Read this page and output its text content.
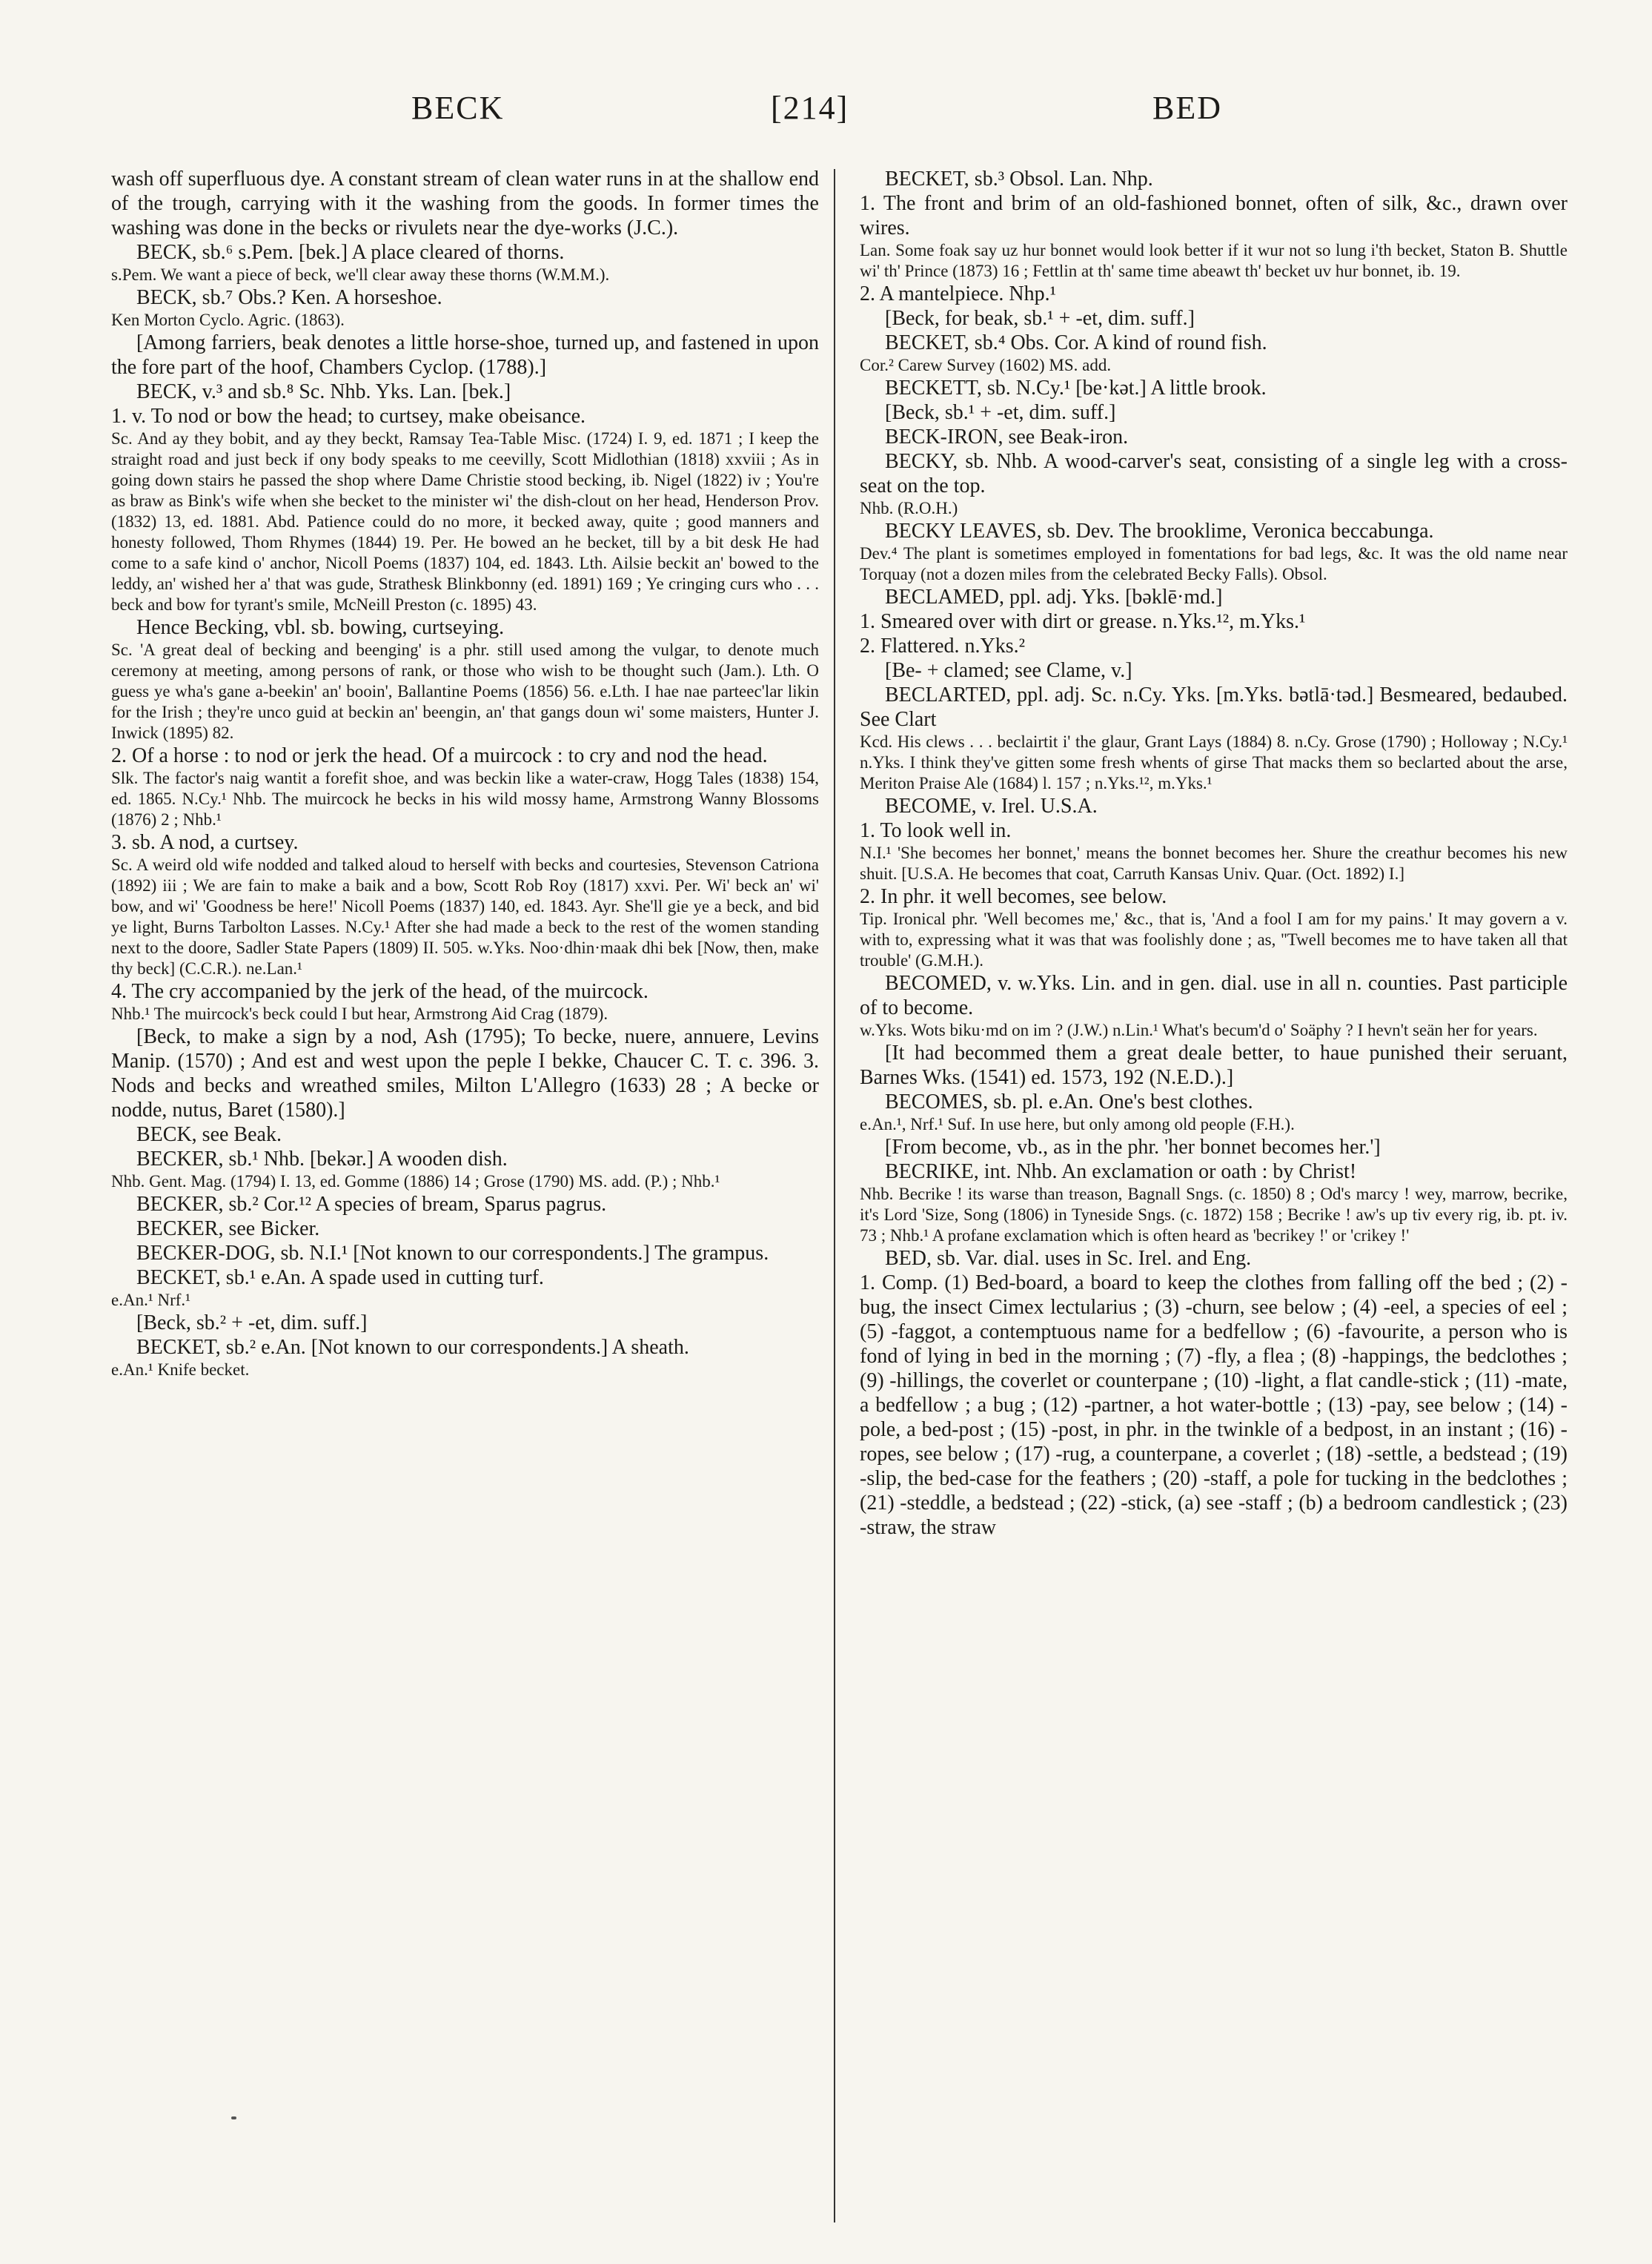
BECK	[214]	BED

wash off superfluous dye. A constant stream of clean water runs in at the shallow end of the trough, carrying with it the washing from the goods. In former times the washing was done in the becks or rivulets near the dye-works (J.C.).

BECK, sb.⁶ s.Pem. [bek.] A place cleared of thorns.

s.Pem. We want a piece of beck, we'll clear away these thorns (W.M.M.).

BECK, sb.⁷ Obs.? Ken. A horseshoe.

Ken Morton Cyclo. Agric. (1863).

[Among farriers, beak denotes a little horse-shoe, turned up, and fastened in upon the fore part of the hoof, Chambers Cyclop. (1788).]

BECK, v.³ and sb.⁸ Sc. Nhb. Yks. Lan. [bek.]

1. v. To nod or bow the head; to curtsey, make obeisance.

Sc. And ay they bobit, and ay they beckt, Ramsay Tea-Table Misc. (1724) I. 9, ed. 1871 ; I keep the straight road and just beck if ony body speaks to me ceevilly, Scott Midlothian (1818) xxviii ; As in going down stairs he passed the shop where Dame Christie stood becking, ib. Nigel (1822) iv ; You're as braw as Bink's wife when she becket to the minister wi' the dish-clout on her head, Henderson Prov. (1832) 13, ed. 1881. Abd. Patience could do no more, it becked away, quite ; good manners and honesty followed, Thom Rhymes (1844) 19. Per. He bowed an he becket, till by a bit desk He had come to a safe kind o' anchor, Nicoll Poems (1837) 104, ed. 1843. Lth. Ailsie beckit an' bowed to the leddy, an' wished her a' that was gude, Strathesk Blinkbonny (ed. 1891) 169 ; Ye cringing curs who . . . beck and bow for tyrant's smile, McNeill Preston (c. 1895) 43.

Hence Becking, vbl. sb. bowing, curtseying.

Sc. 'A great deal of becking and beenging' is a phr. still used among the vulgar, to denote much ceremony at meeting, among persons of rank, or those who wish to be thought such (Jam.). Lth. O guess ye wha's gane a-beekin' an' booin', Ballantine Poems (1856) 56. e.Lth. I hae nae parteec'lar likin for the Irish ; they're unco guid at beckin an' beengin, an' that gangs doun wi' some maisters, Hunter J. Inwick (1895) 82.

2. Of a horse : to nod or jerk the head. Of a muircock : to cry and nod the head.

Slk. The factor's naig wantit a forefit shoe, and was beckin like a water-craw, Hogg Tales (1838) 154, ed. 1865. N.Cy.¹ Nhb. The muircock he becks in his wild mossy hame, Armstrong Wanny Blossoms (1876) 2 ; Nhb.¹

3. sb. A nod, a curtsey.

Sc. A weird old wife nodded and talked aloud to herself with becks and courtesies, Stevenson Catriona (1892) iii ; We are fain to make a baik and a bow, Scott Rob Roy (1817) xxvi. Per. Wi' beck an' wi' bow, and wi' 'Goodness be here!' Nicoll Poems (1837) 140, ed. 1843. Ayr. She'll gie ye a beck, and bid ye light, Burns Tarbolton Lasses. N.Cy.¹ After she had made a beck to the rest of the women standing next to the doore, Sadler State Papers (1809) II. 505. w.Yks. Noo·dhin·maak dhi bek [Now, then, make thy beck] (C.C.R.). ne.Lan.¹

4. The cry accompanied by the jerk of the head, of the muircock.

Nhb.¹ The muircock's beck could I but hear, Armstrong Aid Crag (1879).

[Beck, to make a sign by a nod, Ash (1795); To becke, nuere, annuere, Levins Manip. (1570) ; And est and west upon the peple I bekke, Chaucer C. T. c. 396. 3. Nods and becks and wreathed smiles, Milton L'Allegro (1633) 28 ; A becke or nodde, nutus, Baret (1580).]

BECK, see Beak.

BECKER, sb.¹ Nhb. [bekər.] A wooden dish.

Nhb. Gent. Mag. (1794) I. 13, ed. Gomme (1886) 14 ; Grose (1790) MS. add. (P.) ; Nhb.¹

BECKER, sb.² Cor.¹² A species of bream, Sparus pagrus.

BECKER, see Bicker.

BECKER-DOG, sb. N.I.¹ [Not known to our correspondents.] The grampus.

BECKET, sb.¹ e.An. A spade used in cutting turf.

e.An.¹ Nrf.¹

[Beck, sb.² + -et, dim. suff.]

BECKET, sb.² e.An. [Not known to our correspondents.] A sheath.

e.An.¹ Knife becket.

BECKET, sb.³ Obsol. Lan. Nhp.

1. The front and brim of an old-fashioned bonnet, often of silk, &c., drawn over wires.

Lan. Some foak say uz hur bonnet would look better if it wur not so lung i'th becket, Staton B. Shuttle wi' th' Prince (1873) 16 ; Fettlin at th' same time abeawt th' becket uv hur bonnet, ib. 19.

2. A mantelpiece. Nhp.¹

[Beck, for beak, sb.¹ + -et, dim. suff.]

BECKET, sb.⁴ Obs. Cor. A kind of round fish.

Cor.² Carew Survey (1602) MS. add.

BECKETT, sb. N.Cy.¹ [be·kət.] A little brook.

[Beck, sb.¹ + -et, dim. suff.]

BECK-IRON, see Beak-iron.

BECKY, sb. Nhb. A wood-carver's seat, consisting of a single leg with a cross-seat on the top.

Nhb. (R.O.H.)

BECKY LEAVES, sb. Dev. The brooklime, Veronica beccabunga.

Dev.⁴ The plant is sometimes employed in fomentations for bad legs, &c. It was the old name near Torquay (not a dozen miles from the celebrated Becky Falls). Obsol.

BECLAMED, ppl. adj. Yks. [bəklē·md.]

1. Smeared over with dirt or grease. n.Yks.¹², m.Yks.¹

2. Flattered. n.Yks.²

[Be- + clamed; see Clame, v.]

BECLARTED, ppl. adj. Sc. n.Cy. Yks. [m.Yks. bətlā·təd.] Besmeared, bedaubed. See Clart

Kcd. His clews . . . beclairtit i' the glaur, Grant Lays (1884) 8. n.Cy. Grose (1790) ; Holloway ; N.Cy.¹ n.Yks. I think they've gitten some fresh whents of girse That macks them so beclarted about the arse, Meriton Praise Ale (1684) l. 157 ; n.Yks.¹², m.Yks.¹

BECOME, v. Irel. U.S.A.

1. To look well in.

N.I.¹ 'She becomes her bonnet,' means the bonnet becomes her. Shure the creathur becomes his new shuit. [U.S.A. He becomes that coat, Carruth Kansas Univ. Quar. (Oct. 1892) I.]

2. In phr. it well becomes, see below.

Tip. Ironical phr. 'Well becomes me,' &c., that is, 'And a fool I am for my pains.' It may govern a v. with to, expressing what it was that was foolishly done ; as, ''Twell becomes me to have taken all that trouble' (G.M.H.).

BECOMED, v. w.Yks. Lin. and in gen. dial. use in all n. counties. Past participle of to become.

w.Yks. Wots biku·md on im ? (J.W.) n.Lin.¹ What's becum'd o' Soäphy ? I hevn't seän her for years.

[It had becommed them a great deale better, to haue punished their seruant, Barnes Wks. (1541) ed. 1573, 192 (N.E.D.).]

BECOMES, sb. pl. e.An. One's best clothes.

e.An.¹, Nrf.¹ Suf. In use here, but only among old people (F.H.).

[From become, vb., as in the phr. 'her bonnet becomes her.']

BECRIKE, int. Nhb. An exclamation or oath : by Christ!

Nhb. Becrike ! its warse than treason, Bagnall Sngs. (c. 1850) 8 ; Od's marcy ! wey, marrow, becrike, it's Lord 'Size, Song (1806) in Tyneside Sngs. (c. 1872) 158 ; Becrike ! aw's up tiv every rig, ib. pt. iv. 73 ; Nhb.¹ A profane exclamation which is often heard as 'becrikey !' or 'crikey !'

BED, sb. Var. dial. uses in Sc. Irel. and Eng.

1. Comp. (1) Bed-board, a board to keep the clothes from falling off the bed ; (2) -bug, the insect Cimex lectularius ; (3) -churn, see below ; (4) -eel, a species of eel ; (5) -faggot, a contemptuous name for a bedfellow ; (6) -favourite, a person who is fond of lying in bed in the morning ; (7) -fly, a flea ; (8) -happings, the bedclothes ; (9) -hillings, the coverlet or counterpane ; (10) -light, a flat candle-stick ; (11) -mate, a bedfellow ; a bug ; (12) -partner, a hot water-bottle ; (13) -pay, see below ; (14) -pole, a bed-post ; (15) -post, in phr. in the twinkle of a bedpost, in an instant ; (16) -ropes, see below ; (17) -rug, a counterpane, a coverlet ; (18) -settle, a bedstead ; (19) -slip, the bed-case for the feathers ; (20) -staff, a pole for tucking in the bedclothes ; (21) -steddle, a bedstead ; (22) -stick, (a) see -staff ; (b) a bedroom candlestick ; (23) -straw, the straw
